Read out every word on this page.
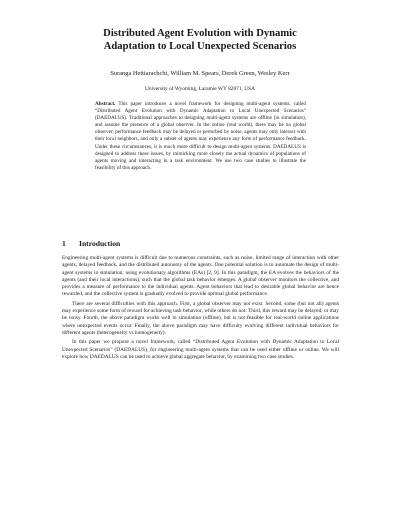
Distributed Agent Evolution with Dynamic
Adaptation to Local Unexpected Scenarios
Suranga Hettiarachchi, William M. Spears, Derek Green, Wesley Kerr
University of Wyoming, Laramie WY 82071, USA
Abstract. This paper introduces a novel framework for designing multi-agent systems, called “Distributed Agent Evolution with Dynamic Adaptation to Local Unexpected Scenarios” (DAEDALUS). Traditional approaches to designing multi-agent systems are offline (in simulation), and assume the presence of a global observer. In the online (real world), there may be no global observer, performance feedback may be delayed or perturbed by noise, agents may only interact with their local neighbors, and only a subset of agents may experience any form of performance feedback. Under these circumstances, it is much more difficult to design multi-agent systems. DAEDALUS is designed to address these issues, by mimicking more closely the actual dynamics of populations of agents moving and interacting in a task environment. We use two case studies to illustrate the feasibility of this approach.
1 Introduction

Engineering multi-agent systems is difficult due to numerous constraints, such as noise, limited range of interaction with other agents, delayed feedback, and the distributed autonomy of the agents. One potential solution is to automate the design of multi-agent systems in simulation, using evolutionary algorithms (EAs) [2, 9]. In this paradigm, the EA evolves the behaviors of the agents (and their local interactions), such that the global task behavior emerges. A global observer monitors the collective, and provides a measure of performance to the individual agents. Agent behaviors that lead to desirable global behavior are hence rewarded, and the collective system is gradually evolved to provide optimal global performance.

There are several difficulties with this approach. First, a global observer may not exist. Second, some (but not all) agents may experience some form of reward for achieving task behavior, while others do not. Third, this reward may be delayed, or may be noisy. Fourth, the above paradigm works well in simulation (offline), but is not feasible for real-world online applications where unexpected events occur. Finally, the above paradigm may have difficulty evolving different individual behaviors for different agents (heterogeneity vs homogeneity).

In this paper we propose a novel framework, called “Distributed Agent Evolution with Dynamic Adaptation to Local Unexpected Scenarios” (DAEDALUS), for engineering multi-agent systems that can be used either offline or online. We will explore how DAEDALUS can be used to achieve global aggregate behavior, by examining two case studies.
